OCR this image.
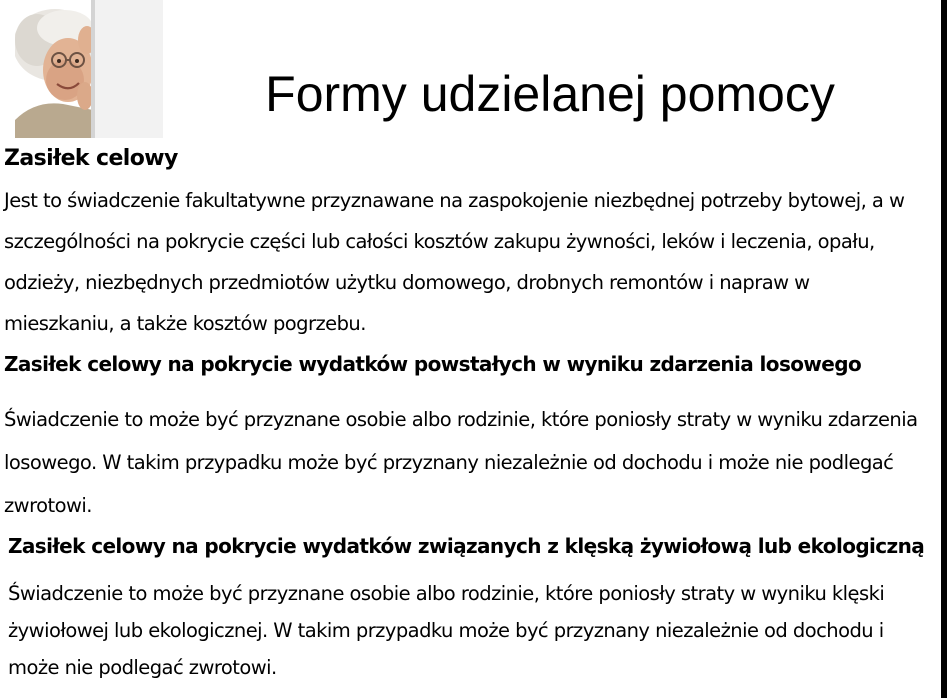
Formy udzielanej pomocy
Zasiłek celowy
Jest to świadczenie fakultatywne przyznawane na zaspokojenie niezbędnej potrzeby bytowej, a w
szczególności na pokrycie części lub całości kosztów zakupu żywności, leków i leczenia, opału,
odzieży, niezbędnych przedmiotów użytku domowego, drobnych remontów i napraw w
mieszkaniu, a także kosztów pogrzebu.
Zasiłek celowy na pokrycie wydatków powstałych w wyniku zdarzenia losowego
Świadczenie to może być przyznane osobie albo rodzinie, które poniosły straty w wyniku zdarzenia
losowego. W takim przypadku może być przyznany niezależnie od dochodu i może nie podlegać
zwrotowi.
Zasiłek celowy na pokrycie wydatków związanych z klęską żywiołową lub ekologiczną
Świadczenie to może być przyznane osobie albo rodzinie, które poniosły straty w wyniku klęski
żywiołowej lub ekologicznej. W takim przypadku może być przyznany niezależnie od dochodu i
może nie podlegać zwrotowi.
